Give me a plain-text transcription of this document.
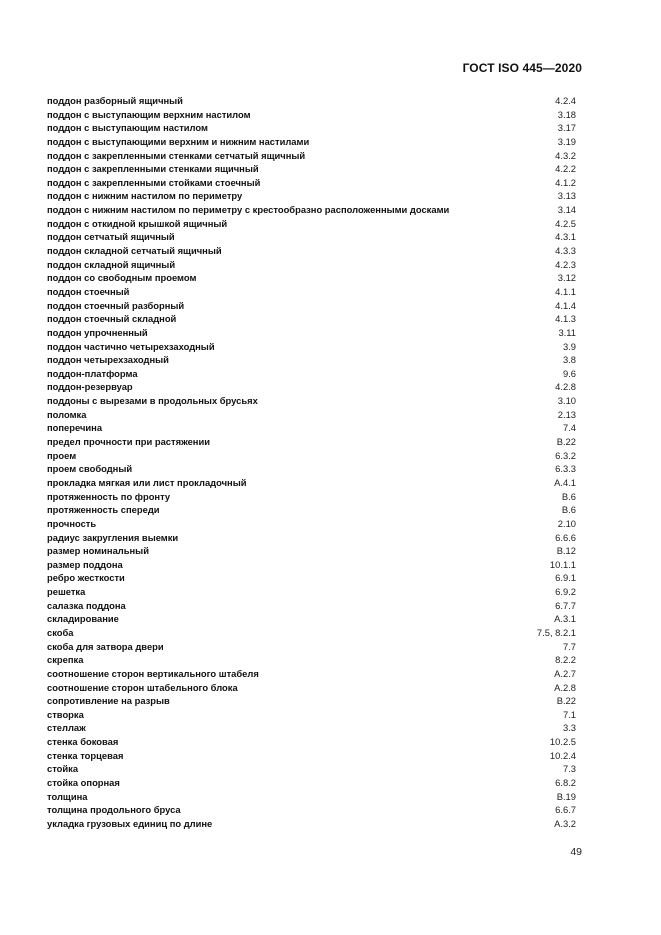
ГОСТ ISO 445—2020
поддон разборный ящичный	4.2.4
поддон с выступающим верхним настилом	3.18
поддон с выступающим настилом	3.17
поддон с выступающими верхним и нижним настилами	3.19
поддон с закрепленными стенками сетчатый ящичный	4.3.2
поддон с закрепленными стенками ящичный	4.2.2
поддон с закрепленными стойками стоечный	4.1.2
поддон с нижним настилом по периметру	3.13
поддон с нижним настилом по периметру с крестообразно расположенными досками	3.14
поддон с откидной крышкой ящичный	4.2.5
поддон сетчатый ящичный	4.3.1
поддон складной сетчатый ящичный	4.3.3
поддон складной ящичный	4.2.3
поддон со свободным проемом	3.12
поддон стоечный	4.1.1
поддон стоечный разборный	4.1.4
поддон стоечный складной	4.1.3
поддон упрочненный	3.11
поддон частично четырехзаходный	3.9
поддон четырехзаходный	3.8
поддон-платформа	9.6
поддон-резервуар	4.2.8
поддоны с вырезами в продольных брусьях	3.10
поломка	2.13
поперечина	7.4
предел прочности при растяжении	В.22
проем	6.3.2
проем свободный	6.3.3
прокладка мягкая или лист прокладочный	А.4.1
протяженность по фронту	В.6
протяженность спереди	В.6
прочность	2.10
радиус закругления выемки	6.6.6
размер номинальный	В.12
размер поддона	10.1.1
ребро жесткости	6.9.1
решетка	6.9.2
салазка поддона	6.7.7
складирование	А.3.1
скоба	7.5, 8.2.1
скоба для затвора двери	7.7
скрепка	8.2.2
соотношение сторон вертикального штабеля	А.2.7
соотношение сторон штабельного блока	А.2.8
сопротивление на разрыв	В.22
створка	7.1
стеллаж	3.3
стенка боковая	10.2.5
стенка торцевая	10.2.4
стойка	7.3
стойка опорная	6.8.2
толщина	В.19
толщина продольного бруса	6.6.7
укладка грузовых единиц по длине	А.3.2
49
